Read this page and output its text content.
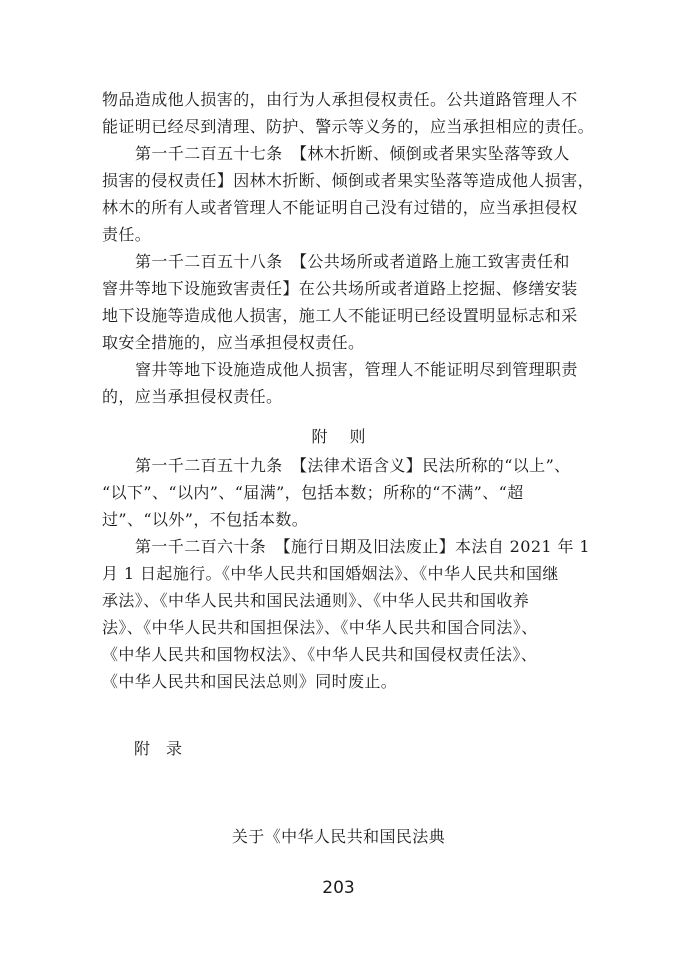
物品造成他人损害的，由行为人承担侵权责任。公共道路管理人不
能证明已经尽到清理、防护、警示等义务的，应当承担相应的责任。
第一千二百五十七条　【林木折断、倾倒或者果实坠落等致人
损害的侵权责任】因林木折断、倾倒或者果实坠落等造成他人损害，
林木的所有人或者管理人不能证明自己没有过错的，应当承担侵权
责任。
第一千二百五十八条　【公共场所或者道路上施工致害责任和
窨井等地下设施致害责任】在公共场所或者道路上挖掘、修缮安装
地下设施等造成他人损害，施工人不能证明已经设置明显标志和采
取安全措施的，应当承担侵权责任。
窨井等地下设施造成他人损害，管理人不能证明尽到管理职责
的，应当承担侵权责任。
附则
第一千二百五十九条　【法律术语含义】民法所称的“以上”、
“以下”、“以内”、“届满”，包括本数；所称的“不满”、“超
过”、“以外”，不包括本数。
第一千二百六十条　【施行日期及旧法废止】本法自 2021 年 1
月 1 日起施行。《中华人民共和国婚姻法》、《中华人民共和国继
承法》、《中华人民共和国民法通则》、《中华人民共和国收养
法》、《中华人民共和国担保法》、《中华人民共和国合同法》、
《中华人民共和国物权法》、《中华人民共和国侵权责任法》、
《中华人民共和国民法总则》同时废止。
附录
关于《中华人民共和国民法典
203
